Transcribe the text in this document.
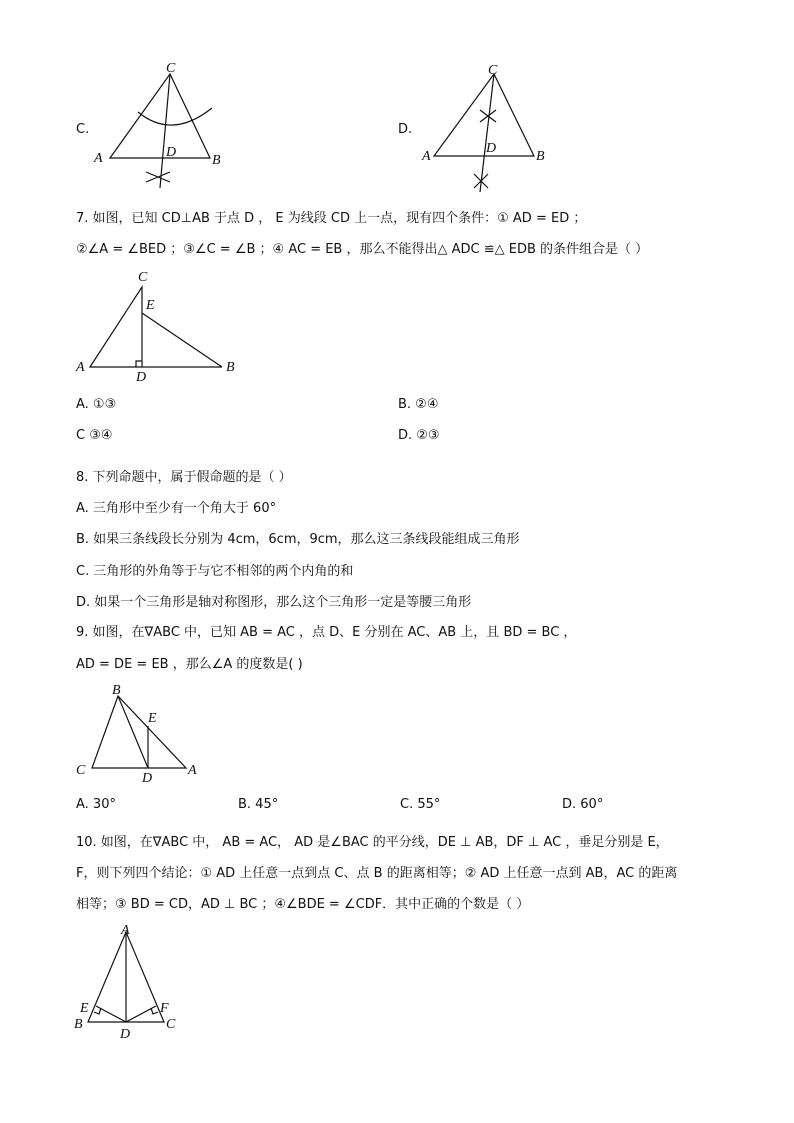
C.
C
A	B
D
D.
C
A	B
D
7. 如图，已知 CD⊥AB 于点 D ， E 为线段 CD 上一点，现有四个条件：① AD = ED ；
②∠A = ∠BED ；③∠C = ∠B ；④ AC = EB ，那么不能得出△ ADC ≌△ EDB 的条件组合是（ ）
C
E
A
D
B
A. ①③	B. ②④
C ③④	D. ②③
8. 下列命题中，属于假命题的是（ ）
A. 三角形中至少有一个角大于 60°
B. 如果三条线段长分别为 4cm，6cm，9cm，那么这三条线段能组成三角形
C. 三角形的外角等于与它不相邻的两个内角的和
D. 如果一个三角形是轴对称图形，那么这个三角形一定是等腰三角形
9. 如图，在∇ABC 中，已知 AB = AC ，点 D、E 分别在 AC、AB 上，且 BD = BC ，
AD = DE = EB ，那么∠A 的度数是( )
B
E
C
D
A
A. 30°	B. 45°	C. 55°	D. 60°
10. 如图，在∇ABC 中， AB = AC， AD 是∠BAC 的平分线，DE ⊥ AB，DF ⊥ AC ，垂足分别是 E，
F，则下列四个结论：① AD 上任意一点到点 C、点 B 的距离相等；② AD 上任意一点到 AB，AC 的距离
相等；③ BD = CD，AD ⊥ BC ；④∠BDE = ∠CDF．其中正确的个数是（ ）
A
E	F
B
D
C
